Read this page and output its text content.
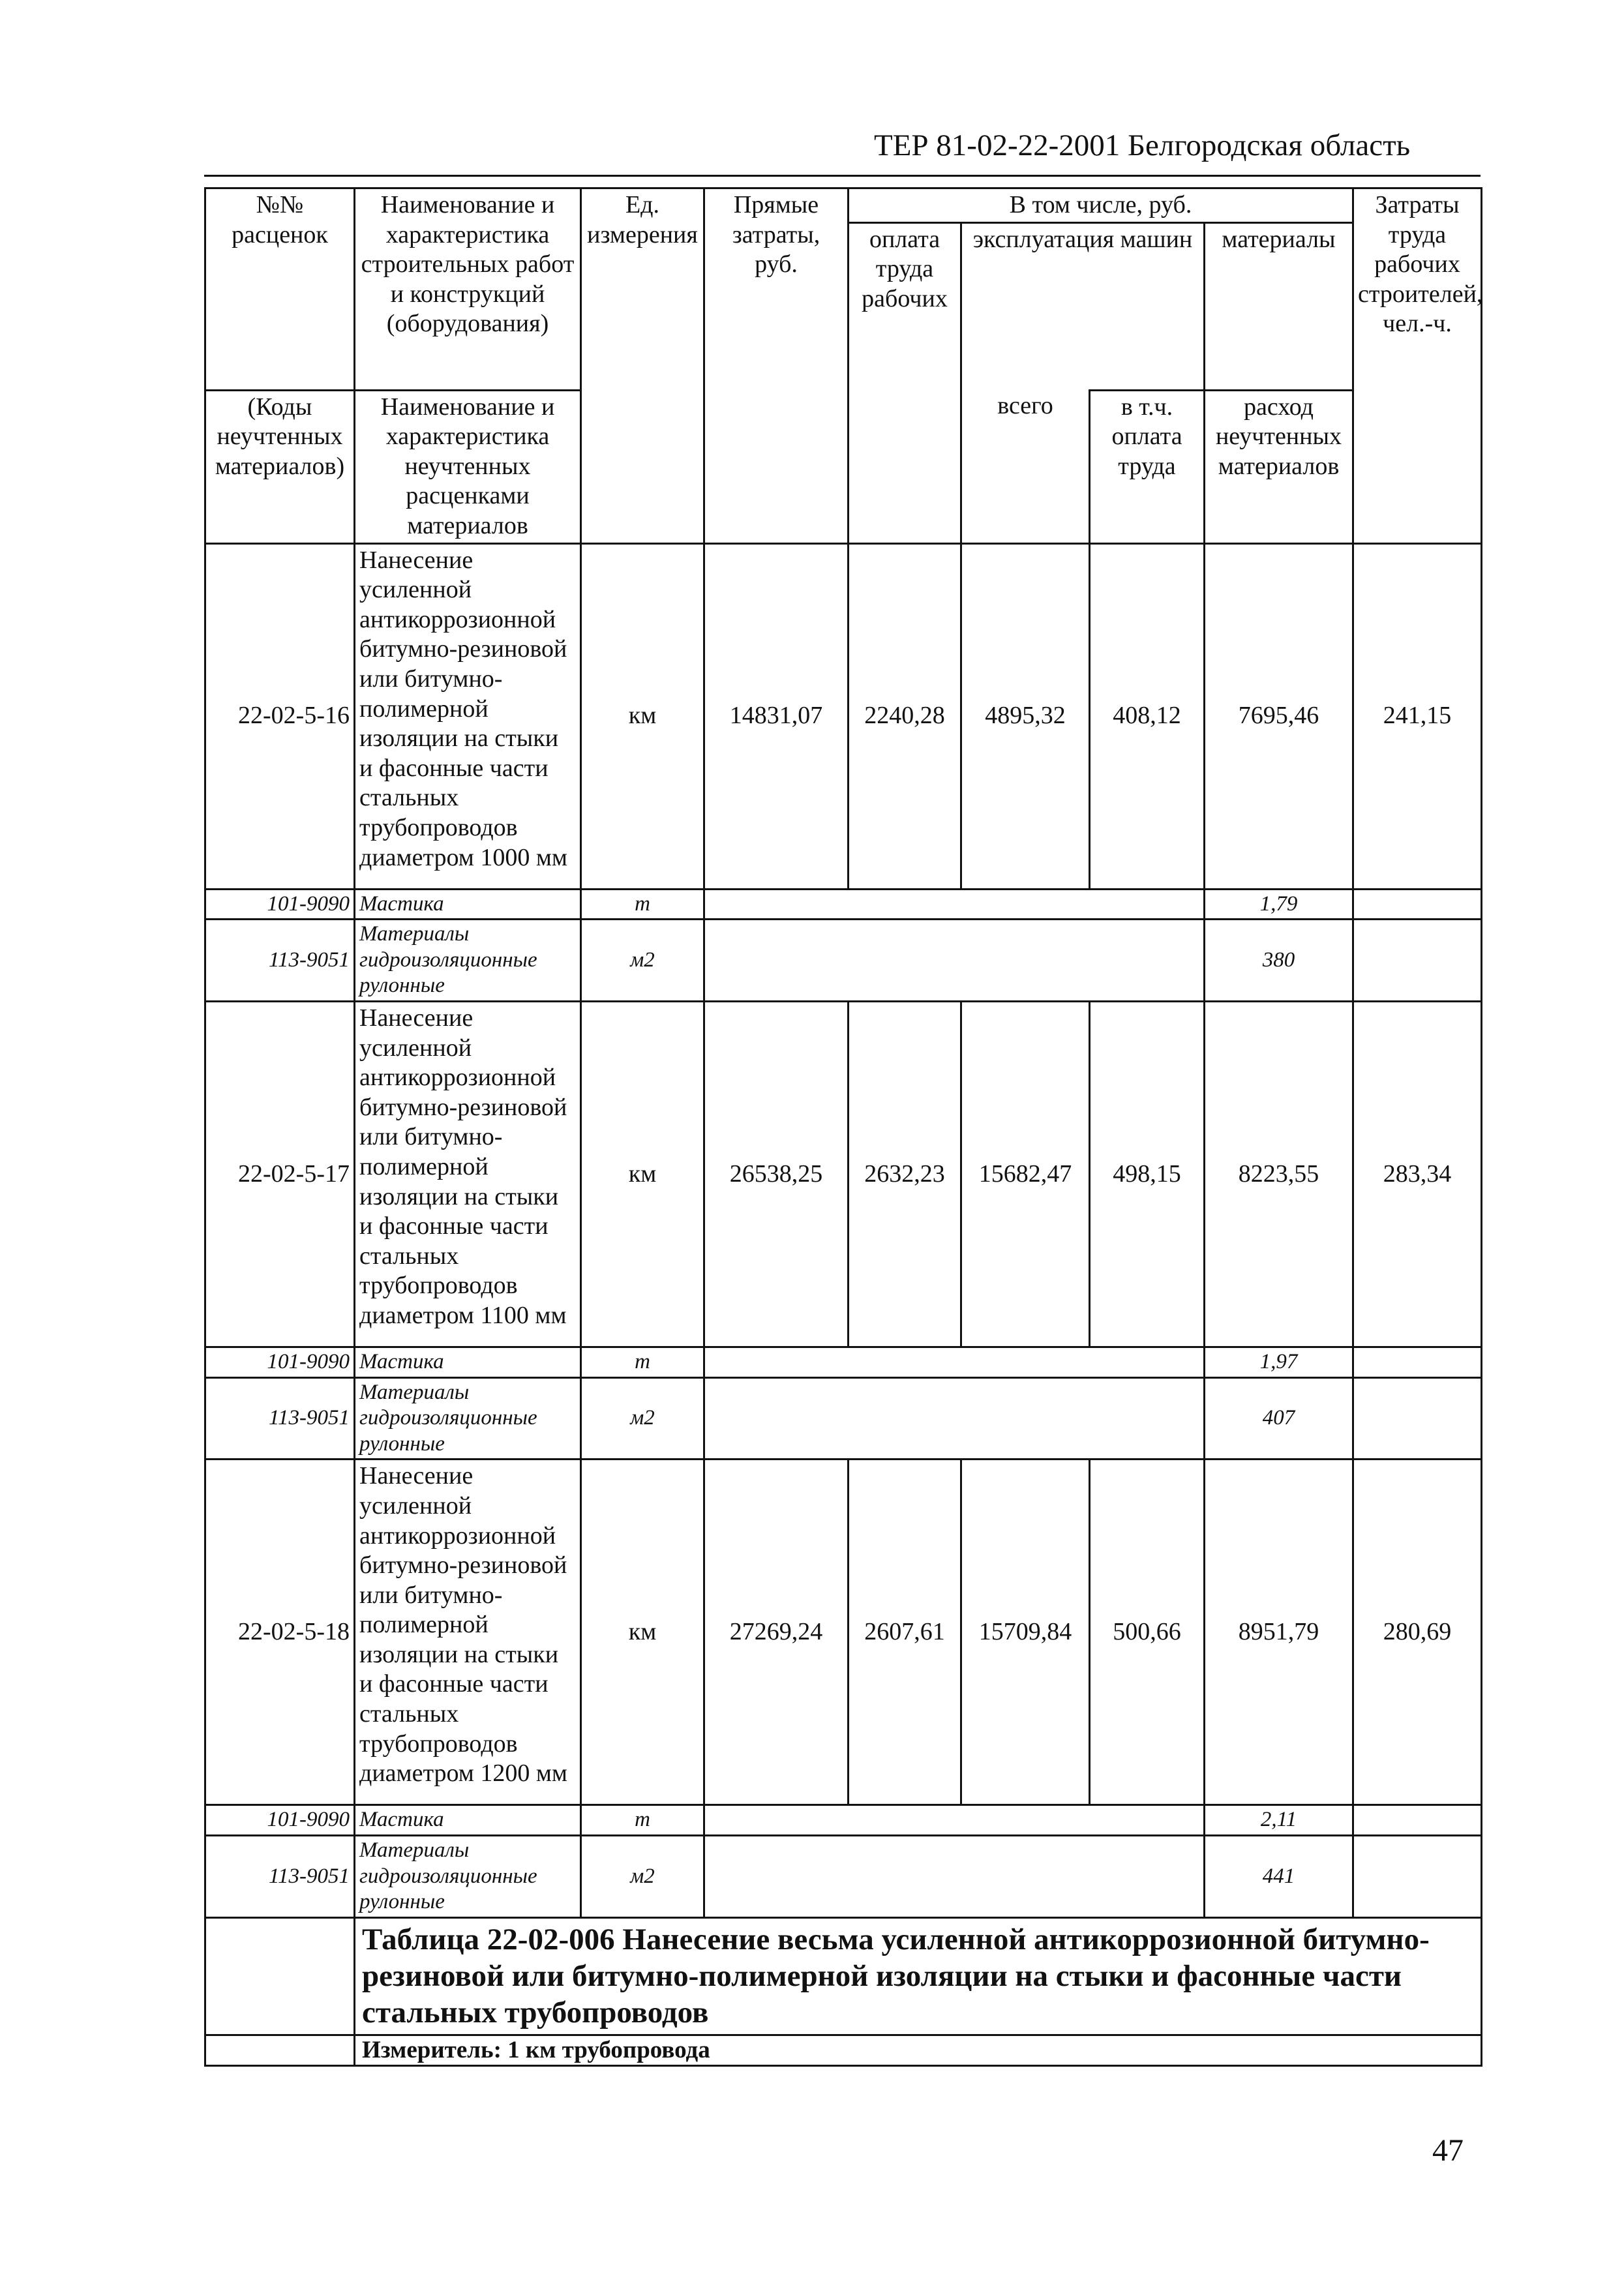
ТЕР 81-02-22-2001 Белгородская область
№№ расценок	Наименование и характеристика строительных работ и конструкций (оборудования)	Ед. измерения	Прямые затраты, руб.	В том числе, руб.				Затраты труда рабочих строителей, чел.-ч.
				оплата труда рабочих	эксплуатация машин		материалы	
(Коды неучтенных материалов)	Наименование и характеристика неучтенных расценками материалов				всего	в т.ч. оплата труда	расход неучтенных материалов	

22-02-5-16	Нанесение усиленной антикоррозионной битумно-резиновой или битумно-полимерной изоляции на стыки и фасонные части стальных трубопроводов диаметром 1000 мм	км	14831,07	2240,28	4895,32	408,12	7695,46	241,15
101-9090	Мастика	т					1,79	
113-9051	Материалы гидроизоляционные рулонные	м2					380	
22-02-5-17	Нанесение усиленной антикоррозионной битумно-резиновой или битумно-полимерной изоляции на стыки и фасонные части стальных трубопроводов диаметром 1100 мм	км	26538,25	2632,23	15682,47	498,15	8223,55	283,34
101-9090	Мастика	т					1,97	
113-9051	Материалы гидроизоляционные рулонные	м2					407	
22-02-5-18	Нанесение усиленной антикоррозионной битумно-резиновой или битумно-полимерной изоляции на стыки и фасонные части стальных трубопроводов диаметром 1200 мм	км	27269,24	2607,61	15709,84	500,66	8951,79	280,69
101-9090	Мастика	т					2,11	
113-9051	Материалы гидроизоляционные рулонные	м2					441	
	Таблица 22-02-006 Нанесение весьма усиленной антикоррозионной битумно-резиновой или битумно-полимерной изоляции на стыки и фасонные части стальных трубопроводов							
	Измеритель: 1 км трубопровода							
47
